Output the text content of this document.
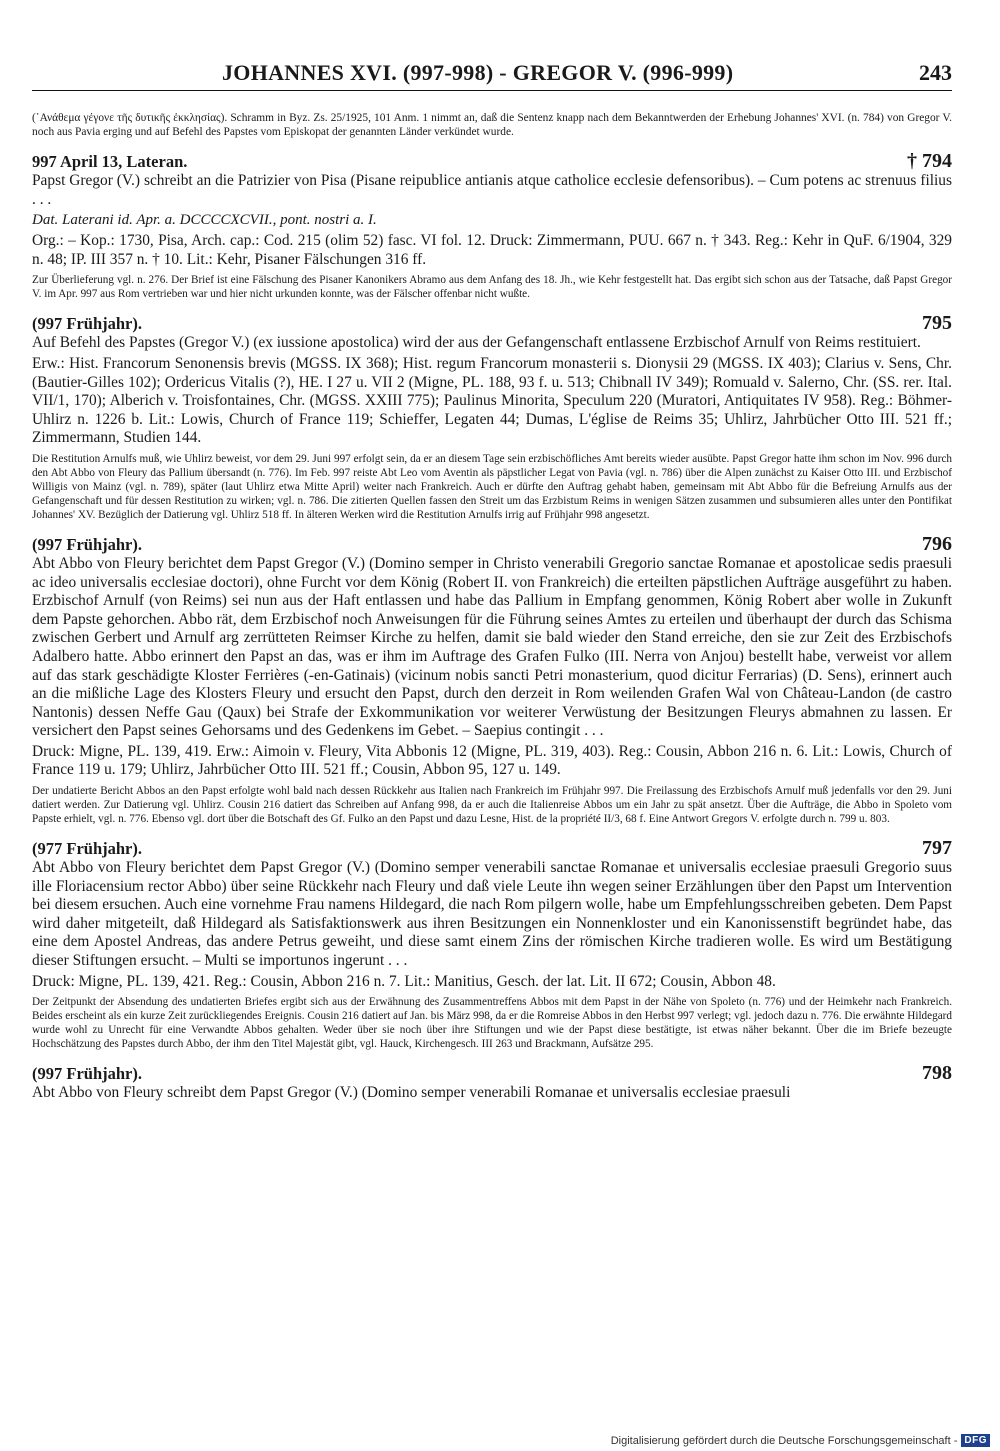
JOHANNES XVI. (997-998) - GREGOR V. (996-999)	243

(᾿Ανάθεμα γέγονε τῆς δυτικῆς ἐκκλησίας). Schramm in Byz. Zs. 25/1925, 101 Anm. 1 nimmt an, daß die Sentenz knapp nach dem Bekanntwerden der Erhebung Johannes' XVI. (n. 784) von Gregor V. noch aus Pavia erging und auf Befehl des Papstes vom Episkopat der genannten Länder verkündet wurde.

997 April 13, Lateran.	† 794

Papst Gregor (V.) schreibt an die Patrizier von Pisa (Pisane reipublice antianis atque catholice ecclesie defensoribus). – Cum potens ac strenuus filius . . .

Dat. Laterani id. Apr. a. DCCCCXCVII., pont. nostri a. I.

Org.: – Kop.: 1730, Pisa, Arch. cap.: Cod. 215 (olim 52) fasc. VI fol. 12. Druck: Zimmermann, PUU. 667 n. † 343. Reg.: Kehr in QuF. 6/1904, 329 n. 48; IP. III 357 n. † 10. Lit.: Kehr, Pisaner Fälschungen 316 ff.

Zur Überlieferung vgl. n. 276. Der Brief ist eine Fälschung des Pisaner Kanonikers Abramo aus dem Anfang des 18. Jh., wie Kehr festgestellt hat. Das ergibt sich schon aus der Tatsache, daß Papst Gregor V. im Apr. 997 aus Rom vertrieben war und hier nicht urkunden konnte, was der Fälscher offenbar nicht wußte.

(997 Frühjahr).	795

Auf Befehl des Papstes (Gregor V.) (ex iussione apostolica) wird der aus der Gefangenschaft entlassene Erzbischof Arnulf von Reims restituiert.

Erw.: Hist. Francorum Senonensis brevis (MGSS. IX 368); Hist. regum Francorum monasterii s. Dionysii 29 (MGSS. IX 403); Clarius v. Sens, Chr. (Bautier-Gilles 102); Ordericus Vitalis (?), HE. I 27 u. VII 2 (Migne, PL. 188, 93 f. u. 513; Chibnall IV 349); Romuald v. Salerno, Chr. (SS. rer. Ital. VII/1, 170); Alberich v. Troisfontaines, Chr. (MGSS. XXIII 775); Paulinus Minorita, Speculum 220 (Muratori, Antiquitates IV 958). Reg.: Böhmer-Uhlirz n. 1226 b. Lit.: Lowis, Church of France 119; Schieffer, Legaten 44; Dumas, L'église de Reims 35; Uhlirz, Jahrbücher Otto III. 521 ff.; Zimmermann, Studien 144.

Die Restitution Arnulfs muß, wie Uhlirz beweist, vor dem 29. Juni 997 erfolgt sein, da er an diesem Tage sein erzbischöfliches Amt bereits wieder ausübte. Papst Gregor hatte ihm schon im Nov. 996 durch den Abt Abbo von Fleury das Pallium übersandt (n. 776). Im Feb. 997 reiste Abt Leo vom Aventin als päpstlicher Legat von Pavia (vgl. n. 786) über die Alpen zunächst zu Kaiser Otto III. und Erzbischof Willigis von Mainz (vgl. n. 789), später (laut Uhlirz etwa Mitte April) weiter nach Frankreich. Auch er dürfte den Auftrag gehabt haben, gemeinsam mit Abt Abbo für die Befreiung Arnulfs aus der Gefangenschaft und für dessen Restitution zu wirken; vgl. n. 786. Die zitierten Quellen fassen den Streit um das Erzbistum Reims in wenigen Sätzen zusammen und subsumieren alles unter den Pontifikat Johannes' XV. Bezüglich der Datierung vgl. Uhlirz 518 ff. In älteren Werken wird die Restitution Arnulfs irrig auf Frühjahr 998 angesetzt.

(997 Frühjahr).	796

Abt Abbo von Fleury berichtet dem Papst Gregor (V.) (Domino semper in Christo venerabili Gregorio sanctae Romanae et apostolicae sedis praesuli ac ideo universalis ecclesiae doctori), ohne Furcht vor dem König (Robert II. von Frankreich) die erteilten päpstlichen Aufträge ausgeführt zu haben. Erzbischof Arnulf (von Reims) sei nun aus der Haft entlassen und habe das Pallium in Empfang genommen, König Robert aber wolle in Zukunft dem Papste gehorchen. Abbo rät, dem Erzbischof noch Anweisungen für die Führung seines Amtes zu erteilen und überhaupt der durch das Schisma zwischen Gerbert und Arnulf arg zerrütteten Reimser Kirche zu helfen, damit sie bald wieder den Stand erreiche, den sie zur Zeit des Erzbischofs Adalbero hatte. Abbo erinnert den Papst an das, was er ihm im Auftrage des Grafen Fulko (III. Nerra von Anjou) bestellt habe, verweist vor allem auf das stark geschädigte Kloster Ferrières (-en-Gatinais) (vicinum nobis sancti Petri monasterium, quod dicitur Ferrarias) (D. Sens), erinnert auch an die mißliche Lage des Klosters Fleury und ersucht den Papst, durch den derzeit in Rom weilenden Grafen Wal von Château-Landon (de castro Nantonis) dessen Neffe Gau (Qaux) bei Strafe der Exkommunikation vor weiterer Verwüstung der Besitzungen Fleurys abmahnen zu lassen. Er versichert den Papst seines Gehorsams und des Gedenkens im Gebet. – Saepius contingit . . .

Druck: Migne, PL. 139, 419. Erw.: Aimoin v. Fleury, Vita Abbonis 12 (Migne, PL. 319, 403). Reg.: Cousin, Abbon 216 n. 6. Lit.: Lowis, Church of France 119 u. 179; Uhlirz, Jahrbücher Otto III. 521 ff.; Cousin, Abbon 95, 127 u. 149.

Der undatierte Bericht Abbos an den Papst erfolgte wohl bald nach dessen Rückkehr aus Italien nach Frankreich im Frühjahr 997. Die Freilassung des Erzbischofs Arnulf muß jedenfalls vor den 29. Juni datiert werden. Zur Datierung vgl. Uhlirz. Cousin 216 datiert das Schreiben auf Anfang 998, da er auch die Italienreise Abbos um ein Jahr zu spät ansetzt. Über die Aufträge, die Abbo in Spoleto vom Papste erhielt, vgl. n. 776. Ebenso vgl. dort über die Botschaft des Gf. Fulko an den Papst und dazu Lesne, Hist. de la propriété II/3, 68 f. Eine Antwort Gregors V. erfolgte durch n. 799 u. 803.

(977 Frühjahr).	797

Abt Abbo von Fleury berichtet dem Papst Gregor (V.) (Domino semper venerabili sanctae Romanae et universalis ecclesiae praesuli Gregorio suus ille Floriacensium rector Abbo) über seine Rückkehr nach Fleury und daß viele Leute ihn wegen seiner Erzählungen über den Papst um Intervention bei diesem ersuchen. Auch eine vornehme Frau namens Hildegard, die nach Rom pilgern wolle, habe um Empfehlungsschreiben gebeten. Dem Papst wird daher mitgeteilt, daß Hildegard als Satisfaktionswerk aus ihren Besitzungen ein Nonnenkloster und ein Kanonissenstift begründet habe, das eine dem Apostel Andreas, das andere Petrus geweiht, und diese samt einem Zins der römischen Kirche tradieren wolle. Es wird um Bestätigung dieser Stiftungen ersucht. – Multi se importunos ingerunt . . .

Druck: Migne, PL. 139, 421. Reg.: Cousin, Abbon 216 n. 7. Lit.: Manitius, Gesch. der lat. Lit. II 672; Cousin, Abbon 48.

Der Zeitpunkt der Absendung des undatierten Briefes ergibt sich aus der Erwähnung des Zusammentreffens Abbos mit dem Papst in der Nähe von Spoleto (n. 776) und der Heimkehr nach Frankreich. Beides erscheint als ein kurze Zeit zurückliegendes Ereignis. Cousin 216 datiert auf Jan. bis März 998, da er die Romreise Abbos in den Herbst 997 verlegt; vgl. jedoch dazu n. 776. Die erwähnte Hildegard wurde wohl zu Unrecht für eine Verwandte Abbos gehalten. Weder über sie noch über ihre Stiftungen und wie der Papst diese bestätigte, ist etwas näher bekannt. Über die im Briefe bezeugte Hochschätzung des Papstes durch Abbo, der ihm den Titel Majestät gibt, vgl. Hauck, Kirchengesch. III 263 und Brackmann, Aufsätze 295.

(997 Frühjahr).	798

Abt Abbo von Fleury schreibt dem Papst Gregor (V.) (Domino semper venerabili Romanae et universalis ecclesiae praesuli

Digitalisierung gefördert durch die Deutsche Forschungsgemeinschaft - DFG
